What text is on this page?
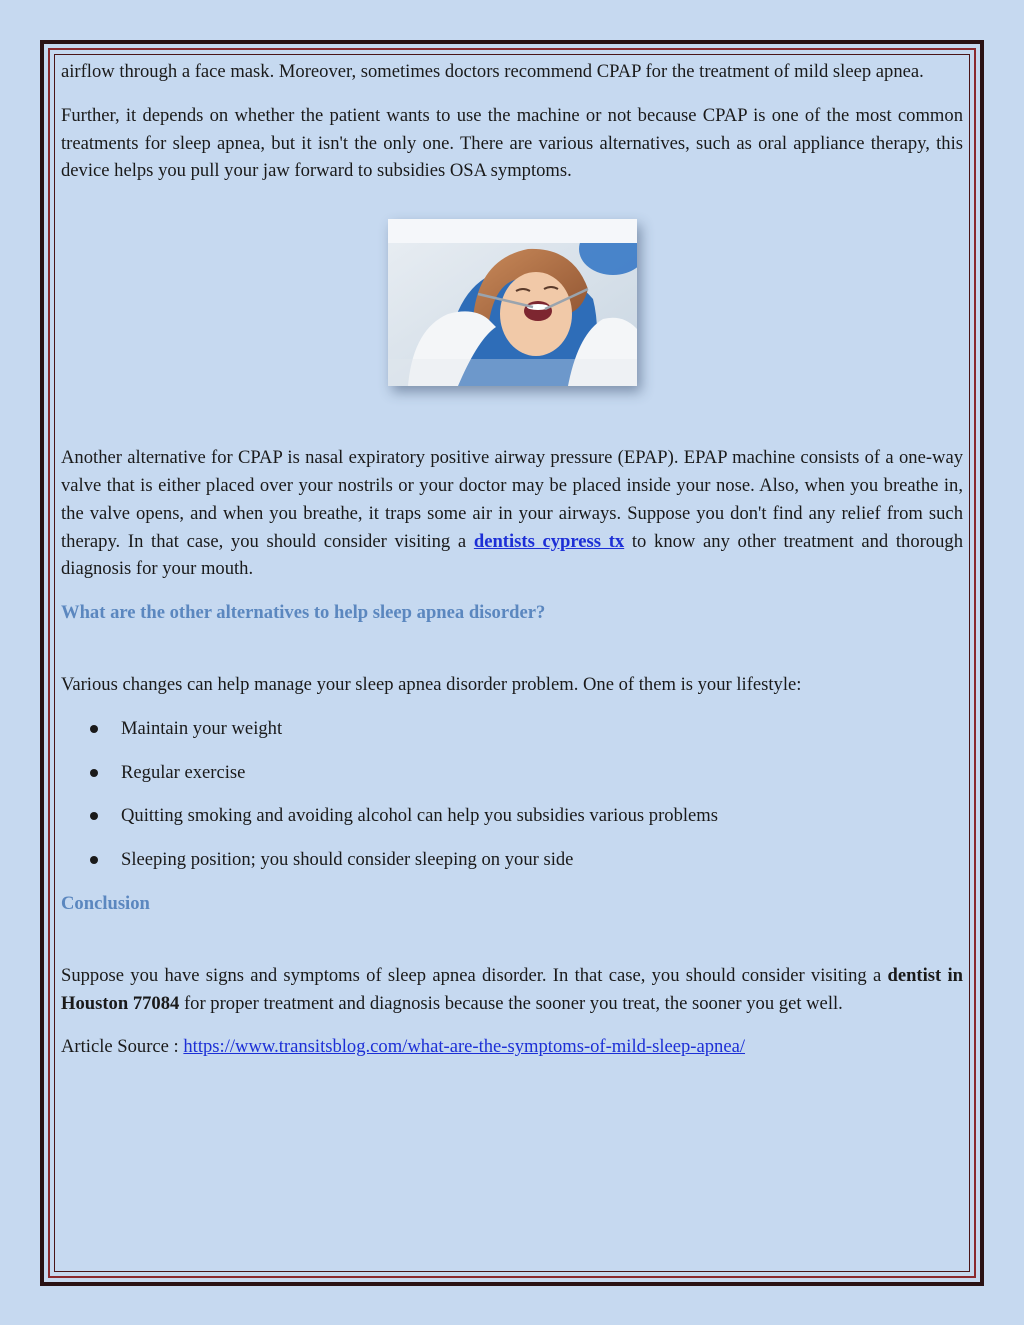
airflow through a face mask. Moreover, sometimes doctors recommend CPAP for the treatment of mild sleep apnea.

Further, it depends on whether the patient wants to use the machine or not because CPAP is one of the most common treatments for sleep apnea, but it isn't the only one. There are various alternatives, such as oral appliance therapy, this device helps you pull your jaw forward to subsidies OSA symptoms.

Another alternative for CPAP is nasal expiratory positive airway pressure (EPAP). EPAP machine consists of a one-way valve that is either placed over your nostrils or your doctor may be placed inside your nose. Also, when you breathe in, the valve opens, and when you breathe, it traps some air in your airways. Suppose you don't find any relief from such therapy. In that case, you should consider visiting a dentists cypress tx to know any other treatment and thorough diagnosis for your mouth.

What are the other alternatives to help sleep apnea disorder?

Various changes can help manage your sleep apnea disorder problem. One of them is your lifestyle:

Maintain your weight
Regular exercise
Quitting smoking and avoiding alcohol can help you subsidies various problems
Sleeping position; you should consider sleeping on your side
Conclusion

Suppose you have signs and symptoms of sleep apnea disorder. In that case, you should consider visiting a dentist in Houston 77084 for proper treatment and diagnosis because the sooner you treat, the sooner you get well.

Article Source : https://www.transitsblog.com/what-are-the-symptoms-of-mild-sleep-apnea/
